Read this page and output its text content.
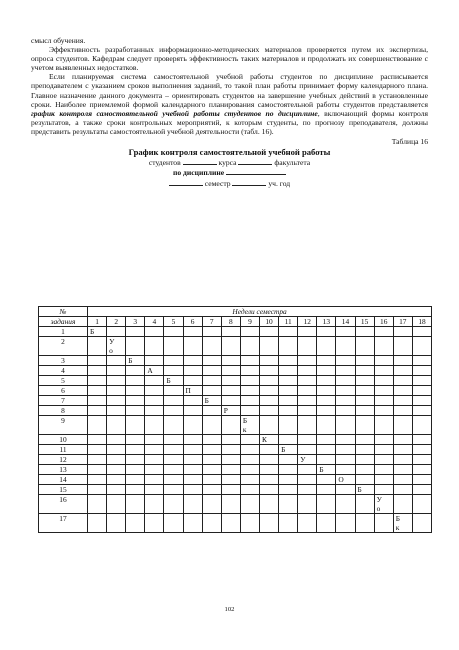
смысл обучения.

Эффективность разработанных информационно-методических материалов проверяется путем их экспертизы, опроса студентов. Кафедрам следует проверять эффективность таких материалов и продолжать их совершенствование с учетом выявленных недостатков.

Если планируемая система самостоятельной учебной работы студентов по дисциплине расписывается преподавателем с указанием сроков выполнения заданий, то такой план работы принимает форму календарного плана. Главное назначение данного документа – ориентировать студентов на завершение учебных действий в установленные сроки. Наиболее приемлемой формой календарного планирования самостоятельной работы студентов представляется график контроля самостоятельной учебной работы студентов по дисциплине, включающий формы контроля результатов, а также сроки контрольных мероприятий, к которым студенты, по прогнозу преподавателя, должны представить результаты самостоятельной учебной деятельности (табл. 16).

Таблица 16
График контроля самостоятельной учебной работы
студентов	курса	факультета
по дисциплине
семестр	уч. год
№	Недели семестра																	
задания	1	2	3	4	5	6	7	8	9	10	11	12	13	14	15	16	17	18
1	Б																	
2		У
о																
3			Б															
4				А														
5					Б													
6						П												
7							Б											
8								Р										
9									Б
к									
10										К								
11											Б							
12												У						
13													Б					
14														О				
15															Б			
16																У
о		
17																	Б
к	
102
